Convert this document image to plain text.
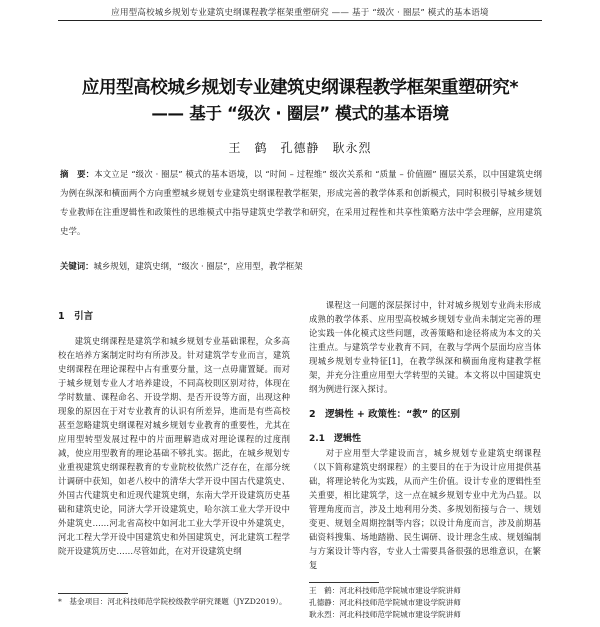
应用型高校城乡规划专业建筑史纲课程教学框架重塑研究 —— 基于 “级次 · 圈层” 模式的基本语境
应用型高校城乡规划专业建筑史纲课程教学框架重塑研究*
—— 基于 “级次 · 圈层” 模式的基本语境
王　鹤　孔德静　耿永烈
摘　要：本文立足 “级次 · 圈层” 模式的基本语境，以 “时间 – 过程维” 级次关系和 “质量 – 价值圈” 圈层关系，以中国建筑史纲为例在纵深和横面两个方向重塑城乡规划专业建筑史纲课程教学框架，形成完善的教学体系和创新模式，同时积极引导城乡规划专业教师在注重逻辑性和政策性的思维模式中指导建筑史学教学和研究，在采用过程性和共享性策略方法中学会理解，应用建筑史学。
关键词：城乡规划，建筑史纲，“级次 · 圈层”，应用型，教学框架

1　引言

建筑史纲课程是建筑学和城乡规划专业基础课程，众多高校在培养方案制定时均有所涉及。针对建筑学专业而言，建筑史纲课程在理论课程中占有重要分量，这一点毋庸置疑。而对于城乡规划专业人才培养建设，不同高校則区别对待，体现在学时数量、课程命名、开设学期、是否开设等方面，出现这种现象的原因在于对专业教育的认识有所差异，進而是有些高校甚至忽略建筑史纲课程对城乡规划专业教育的重要性，尤其在应用型转型发展过程中的片面理解造成对理论课程的过度削减，使应用型教育的理论基础不够扎实。据此，在城乡规划专业重视建筑史纲课程教育的专业院校依然广泛存在，在部分统计调研中获知，如老八校中的清华大学开设中国古代建筑史、外国古代建筑史和近现代建筑史纲，东南大学开设建筑历史基础和建筑史论，同济大学开设建筑史，哈尔滨工业大学开设中外建筑史……河北省高校中如河北工业大学开设中外建筑史，河北工程大学开设中国建筑史和外国建筑史，河北建筑工程学院开设建筑历史……尽管如此，在对开设建筑史纲

*　基金项目：河北科技师范学院校级教学研究课题（JYZD2019）。

课程这一问题的深层探讨中，针对城乡规划专业尚未形成成熟的教学体系、应用型高校城乡规划专业尚未制定完善的理论实践一体化模式这些问题，改善策略和途径将成为本文的关注重点。与建筑学专业教育不同，在教与学两个层面均应当体现城乡规划专业特征[1]，在教学纵深和横面角度构建教学框架，并充分注重应用型大学转型的关键。本文将以中国建筑史纲为例进行深入探讨。

2　逻辑性 + 政策性：“教” 的区别

2.1　逻辑性

对于应用型大学建设而言，城乡规划专业建筑史纲课程（以下简称建筑史纲课程）的主要目的在于为设计应用提供基础，将理论转化为实践，从而产生价值。设计专业的逻辑性至关重要，相比建筑学，这一点在城乡规划专业中尤为凸显。以管理角度而言，涉及土地利用分类、多规划衔接与合一、规划变更、规划全周期控制等内容；以设计角度而言，涉及前期基础资料搜集、场地踏勘、民生调研、设计理念生成、规划编制与方案设计等内容，专业人士需要具备很强的思维意识，在繁复

王　鹤：河北科技师范学院城市建设学院讲师
孔德静：河北科技师范学院城市建设学院讲师
耿永烈：河北科技师范学院城市建设学院讲师
